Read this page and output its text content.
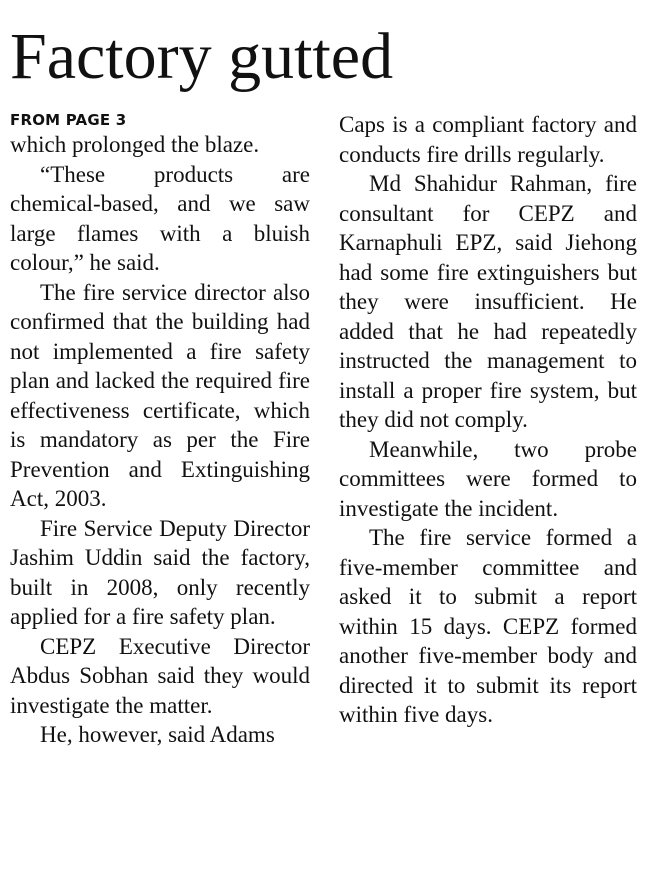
Factory gutted

FROM PAGE 3

which prolonged the blaze.

“These products are chemical-based, and we saw large flames with a bluish colour,” he said.

The fire service director also confirmed that the building had not implemented a fire safety plan and lacked the required fire effectiveness certificate, which is mandatory as per the Fire Prevention and Extinguishing Act, 2003.

Fire Service Deputy Director Jashim Uddin said the factory, built in 2008, only recently applied for a fire safety plan.

CEPZ Executive Director Abdus Sobhan said they would investigate the matter.

He, however, said Adams

Caps is a compliant factory and conducts fire drills regularly.

Md Shahidur Rahman, fire consultant for CEPZ and Karnaphuli EPZ, said Jiehong had some fire extinguishers but they were insufficient. He added that he had repeatedly instructed the management to install a proper fire system, but they did not comply.

Meanwhile, two probe committees were formed to investigate the incident.

The fire service formed a five-member committee and asked it to submit a report within 15 days. CEPZ formed another five-member body and directed it to submit its report within five days.
